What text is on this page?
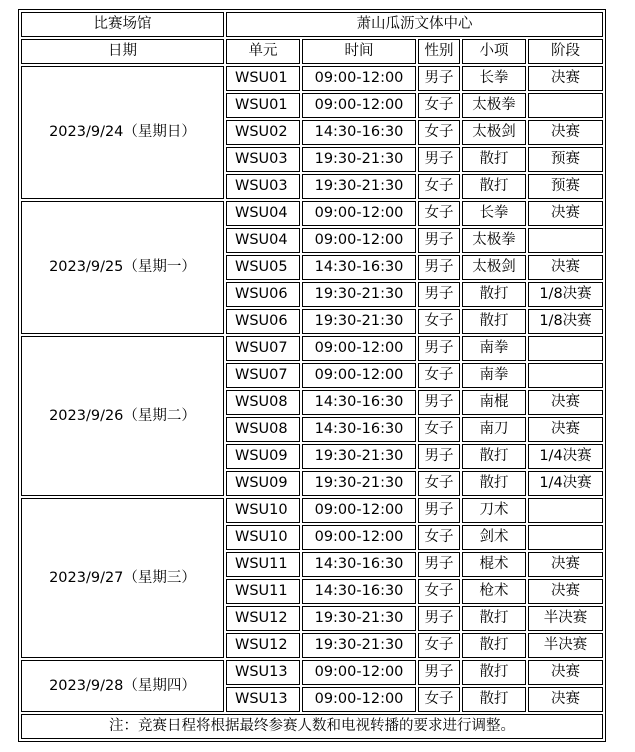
比赛场馆	萧山瓜沥文体中心				
日期	单元	时间	性别	小项	阶段
2023/9/24（星期日）	WSU01	09:00-12:00	男子	长拳	决赛
	WSU01	09:00-12:00	女子	太极拳	
	WSU02	14:30-16:30	女子	太极剑	决赛
	WSU03	19:30-21:30	男子	散打	预赛
	WSU03	19:30-21:30	女子	散打	预赛
2023/9/25（星期一）	WSU04	09:00-12:00	女子	长拳	决赛
	WSU04	09:00-12:00	男子	太极拳	
	WSU05	14:30-16:30	男子	太极剑	决赛
	WSU06	19:30-21:30	男子	散打	1/8决赛
	WSU06	19:30-21:30	女子	散打	1/8决赛
2023/9/26（星期二）	WSU07	09:00-12:00	男子	南拳	
	WSU07	09:00-12:00	女子	南拳	
	WSU08	14:30-16:30	男子	南棍	决赛
	WSU08	14:30-16:30	女子	南刀	决赛
	WSU09	19:30-21:30	男子	散打	1/4决赛
	WSU09	19:30-21:30	女子	散打	1/4决赛
2023/9/27（星期三）	WSU10	09:00-12:00	男子	刀术	
	WSU10	09:00-12:00	女子	剑术	
	WSU11	14:30-16:30	男子	棍术	决赛
	WSU11	14:30-16:30	女子	枪术	决赛
	WSU12	19:30-21:30	男子	散打	半决赛
	WSU12	19:30-21:30	女子	散打	半决赛
2023/9/28（星期四）	WSU13	09:00-12:00	男子	散打	决赛
	WSU13	09:00-12:00	女子	散打	决赛
注：竞赛日程将根据最终参赛人数和电视转播的要求进行调整。					
